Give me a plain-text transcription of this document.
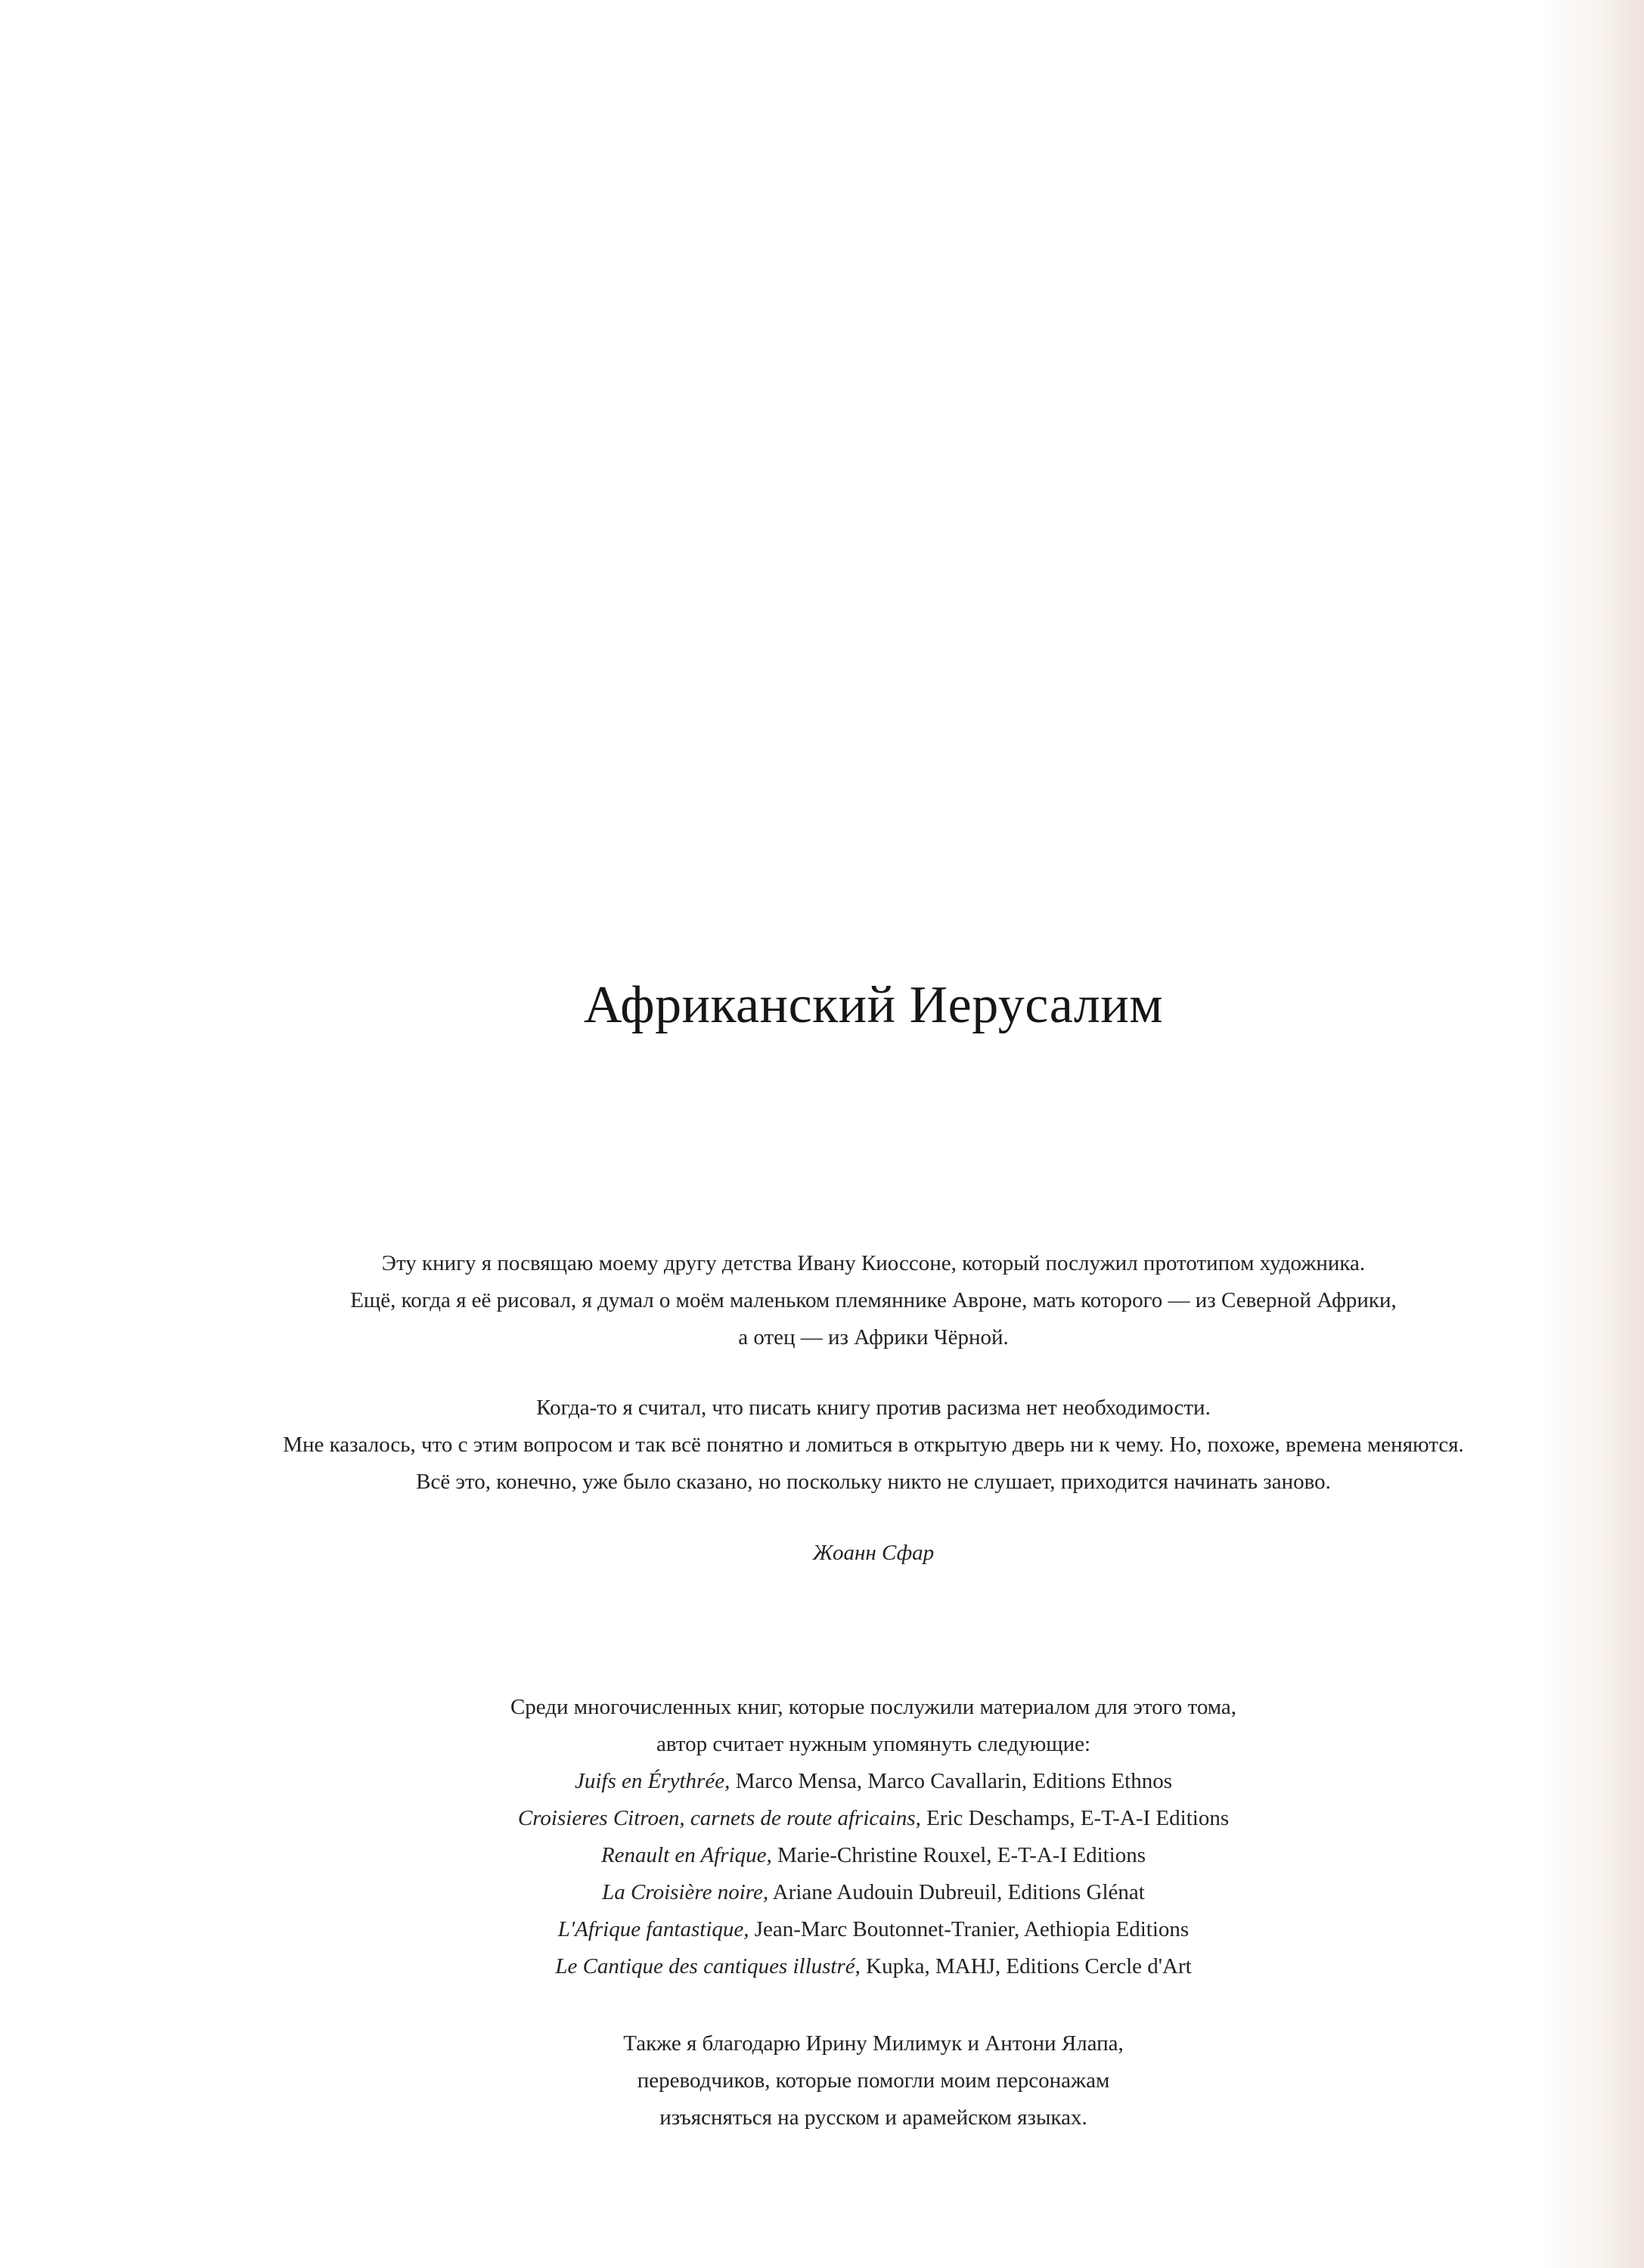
Африканский Иерусалим
Эту книгу я посвящаю моему другу детства Ивану Киоссоне, который послужил прототипом художника.
Ещё, когда я её рисовал, я думал о моём маленьком племяннике Авроне, мать которого — из Северной Африки,
а отец — из Африки Чёрной.
Когда-то я считал, что писать книгу против расизма нет необходимости.
Мне казалось, что с этим вопросом и так всё понятно и ломиться в открытую дверь ни к чему. Но, похоже, времена меняются.
Всё это, конечно, уже было сказано, но поскольку никто не слушает, приходится начинать заново.
Жоанн Сфар
Среди многочисленных книг, которые послужили материалом для этого тома,
автор считает нужным упомянуть следующие:
Juifs en Érythrée, Marco Mensa, Marco Cavallarin, Editions Ethnos
Croisieres Citroen, carnets de route africains, Eric Deschamps, E-T-A-I Editions
Renault en Afrique, Marie-Christine Rouxel, E-T-A-I Editions
La Croisière noire, Ariane Audouin Dubreuil, Editions Glénat
L'Afrique fantastique, Jean-Marc Boutonnet-Tranier, Aethiopia Editions
Le Cantique des cantiques illustré, Kupka, MAHJ, Editions Cercle d'Art
Также я благодарю Ирину Милимук и Антони Ялапа,
переводчиков, которые помогли моим персонажам
изъясняться на русском и арамейском языках.
